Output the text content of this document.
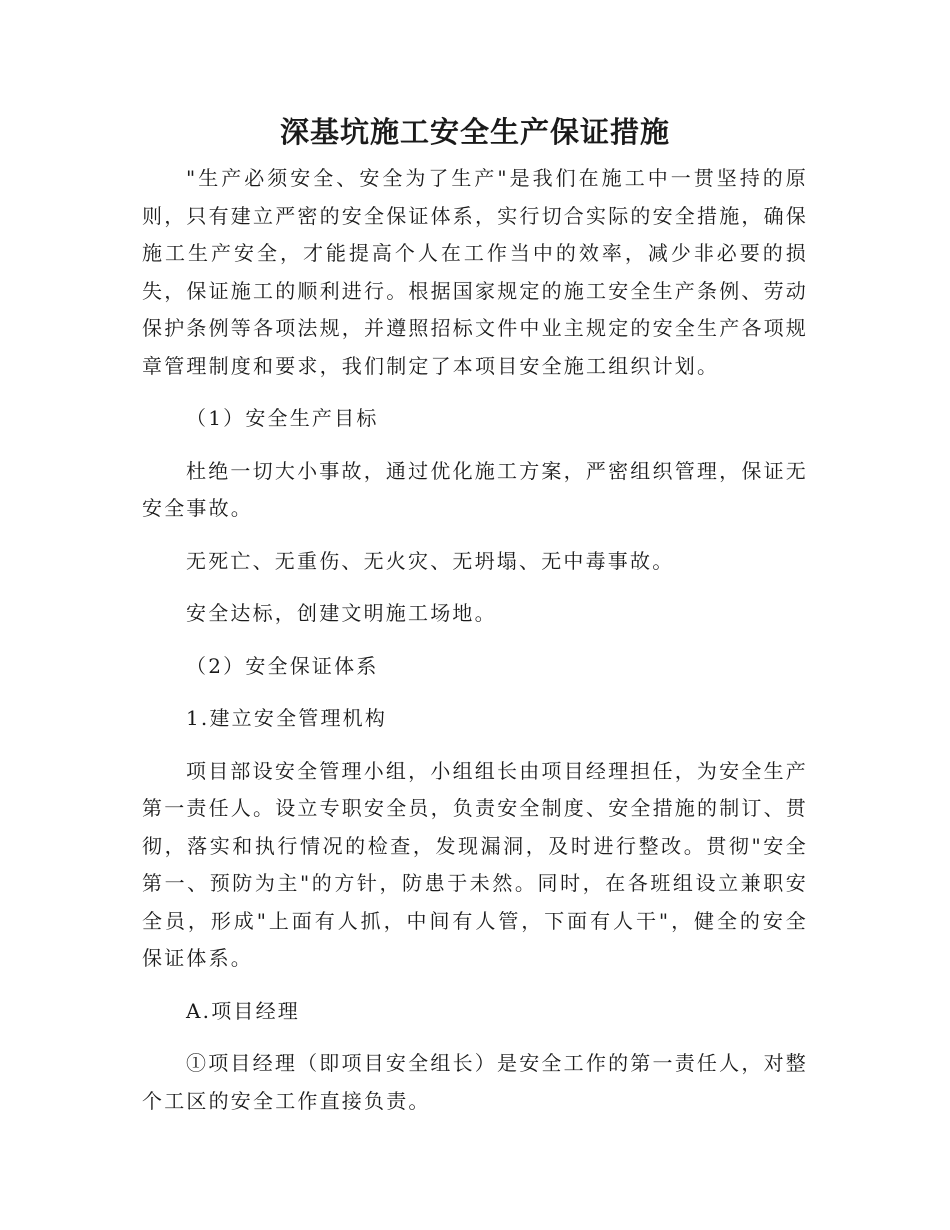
深基坑施工安全生产保证措施

"生产必须安全、安全为了生产"是我们在施工中一贯坚持的原则，只有建立严密的安全保证体系，实行切合实际的安全措施，确保施工生产安全，才能提高个人在工作当中的效率，减少非必要的损失，保证施工的顺利进行。根据国家规定的施工安全生产条例、劳动保护条例等各项法规，并遵照招标文件中业主规定的安全生产各项规章管理制度和要求，我们制定了本项目安全施工组织计划。

（1）安全生产目标

杜绝一切大小事故，通过优化施工方案，严密组织管理，保证无安全事故。

无死亡、无重伤、无火灾、无坍塌、无中毒事故。

安全达标，创建文明施工场地。

（2）安全保证体系

1.建立安全管理机构

项目部设安全管理小组，小组组长由项目经理担任，为安全生产第一责任人。设立专职安全员，负责安全制度、安全措施的制订、贯彻，落实和执行情况的检查，发现漏洞，及时进行整改。贯彻"安全第一、预防为主"的方针，防患于未然。同时，在各班组设立兼职安全员，形成"上面有人抓，中间有人管，下面有人干"，健全的安全保证体系。

A.项目经理

①项目经理（即项目安全组长）是安全工作的第一责任人，对整个工区的安全工作直接负责。
